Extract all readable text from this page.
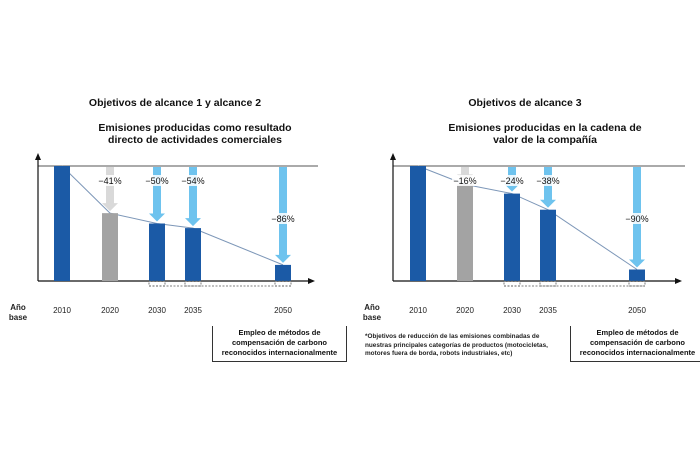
Objetivos de alcance 1 y alcance 2
Emisiones producidas como resultado directo de actividades comerciales
2010
−41%
2020
−50%
2030
−54%
2035
−86%
2050
Año base
Empleo de métodos de compensación de carbono reconocidos internacionalmente
Objetivos de alcance 3
Emisiones producidas en la cadena de valor de la compañía
2010
−16%
2020
−24%
2030
−38%
2035
−90%
2050
Año base
Empleo de métodos de compensación de carbono reconocidos internacionalmente
*Objetivos de reducción de las emisiones combinadas de nuestras principales categorías de productos (motocicletas, motores fuera de borda, robots industriales, etc)
